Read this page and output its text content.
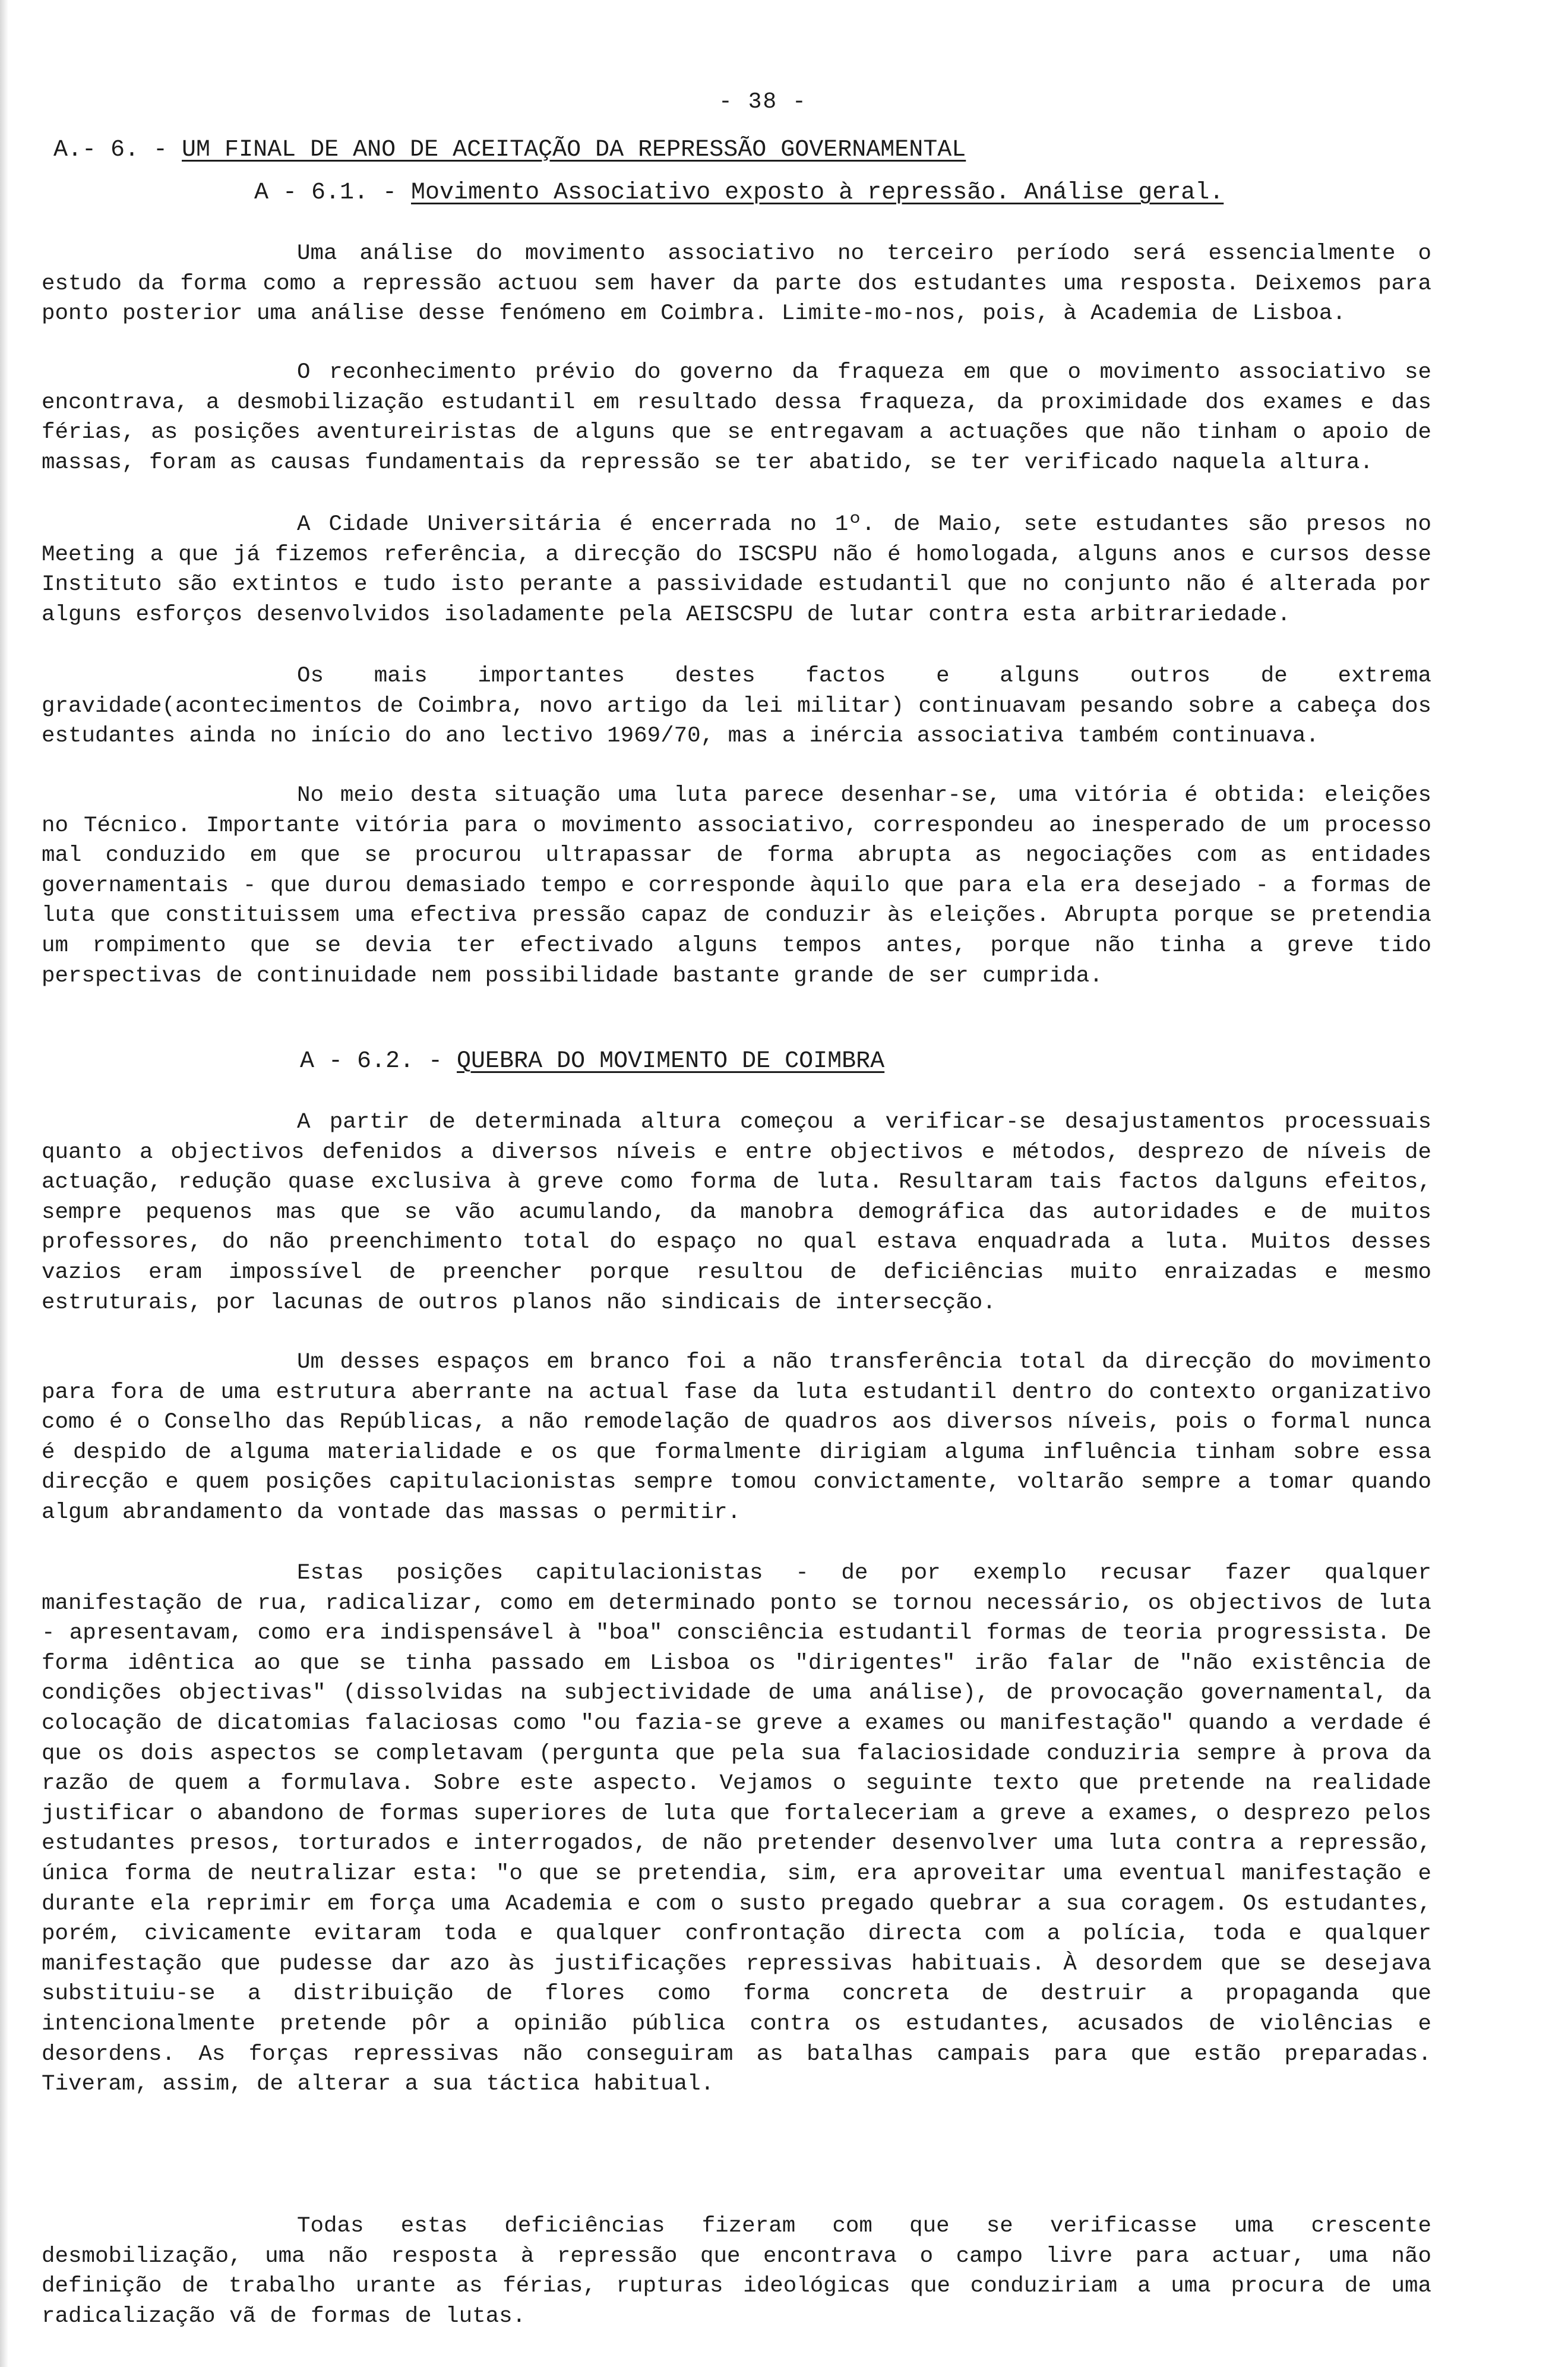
- 38 -
A.- 6. - UM FINAL DE ANO DE ACEITAÇÃO DA REPRESSÃO GOVERNAMENTAL
A - 6.1. - Movimento Associativo exposto à repressão. Análise geral.

Uma análise do movimento associativo no terceiro período será essencialmente o estudo da forma como a repressão actuou sem haver da parte dos estudantes uma resposta. Deixemos para ponto posterior uma análise desse fenómeno em Coimbra. Limite-mo-nos, pois, à Academia de Lisboa.

O reconhecimento prévio do governo da fraqueza em que o movimento associativo se encontrava, a desmobilização estudantil em resultado dessa fraqueza, da proximidade dos exames e das férias, as posições aventureiristas de alguns que se entregavam a actuações que não tinham o apoio de massas, foram as causas fundamentais da repressão se ter abatido, se ter verificado naquela altura.

A Cidade Universitária é encerrada no 1º. de Maio, sete estudantes são presos no Meeting a que já fizemos referência, a direcção do ISCSPU não é homologada, alguns anos e cursos desse Instituto são extintos e tudo isto perante a passividade estudantil que no conjunto não é alterada por alguns esforços desenvolvidos isoladamente pela AEISCSPU de lutar contra esta arbitrariedade.

Os mais importantes destes factos e alguns outros de extrema gravidade(acontecimentos de Coimbra, novo artigo da lei militar) continuavam pesando sobre a cabeça dos estudantes ainda no início do ano lectivo 1969/70, mas a inércia associativa também continuava.

No meio desta situação uma luta parece desenhar-se, uma vitória é obtida: eleições no Técnico. Importante vitória para o movimento associativo, correspondeu ao inesperado de um processo mal conduzido em que se procurou ultrapassar de forma abrupta as negociações com as entidades governamentais - que durou demasiado tempo e corresponde àquilo que para ela era desejado - a formas de luta que constituissem uma efectiva pressão capaz de conduzir às eleições. Abrupta porque se pretendia um rompimento que se devia ter efectivado alguns tempos antes, porque não tinha a greve tido perspectivas de continuidade nem possibilidade bastante grande de ser cumprida.

A - 6.2. - QUEBRA DO MOVIMENTO DE COIMBRA

A partir de determinada altura começou a verificar-se desajustamentos processuais quanto a objectivos defenidos a diversos níveis e entre objectivos e métodos, desprezo de níveis de actuação, redução quase exclusiva à greve como forma de luta. Resultaram tais factos dalguns efeitos, sempre pequenos mas que se vão acumulando, da manobra demográfica das autoridades e de muitos professores, do não preenchimento total do espaço no qual estava enquadrada a luta. Muitos desses vazios eram impossível de preencher porque resultou de deficiências muito enraizadas e mesmo estruturais, por lacunas de outros planos não sindicais de intersecção.

Um desses espaços em branco foi a não transferência total da direcção do movimento para fora de uma estrutura aberrante na actual fase da luta estudantil dentro do contexto organizativo como é o Conselho das Repúblicas, a não remodelação de quadros aos diversos níveis, pois o formal nunca é despido de alguma materialidade e os que formalmente dirigiam alguma influência tinham sobre essa direcção e quem posições capitulacionistas sempre tomou convictamente, voltarão sempre a tomar quando algum abrandamento da vontade das massas o permitir.

Estas posições capitulacionistas - de por exemplo recusar fazer qualquer manifestação de rua, radicalizar, como em determinado ponto se tornou necessário, os objectivos de luta - apresentavam, como era indispensável à "boa" consciência estudantil formas de teoria progressista. De forma idêntica ao que se tinha passado em Lisboa os "dirigentes" irão falar de "não existência de condições objectivas" (dissolvidas na subjectividade de uma análise), de provocação governamental, da colocação de dicatomias falaciosas como "ou fazia-se greve a exames ou manifestação" quando a verdade é que os dois aspectos se completavam (pergunta que pela sua falaciosidade conduziria sempre à prova da razão de quem a formulava. Sobre este aspecto. Vejamos o seguinte texto que pretende na realidade justificar o abandono de formas superiores de luta que fortaleceriam a greve a exames, o desprezo pelos estudantes presos, torturados e interrogados, de não pretender desenvolver uma luta contra a repressão, única forma de neutralizar esta: "o que se pretendia, sim, era aproveitar uma eventual manifestação e durante ela reprimir em força uma Academia e com o susto pregado quebrar a sua coragem. Os estudantes, porém, civicamente evitaram toda e qualquer confrontação directa com a polícia, toda e qualquer manifestação que pudesse dar azo às justificações repressivas habituais. À desordem que se desejava substituiu-se a distribuição de flores como forma concreta de destruir a propaganda que intencionalmente pretende pôr a opinião pública contra os estudantes, acusados de violências e desordens. As forças repressivas não conseguiram as batalhas campais para que estão preparadas. Tiveram, assim, de alterar a sua táctica habitual.

Todas estas deficiências fizeram com que se verificasse uma crescente desmobilização, uma não resposta à repressão que encontrava o campo livre para actuar, uma não definição de trabalho urante as férias, rupturas ideológicas que conduziriam a uma procura de uma radicalização vã de formas de lutas.
